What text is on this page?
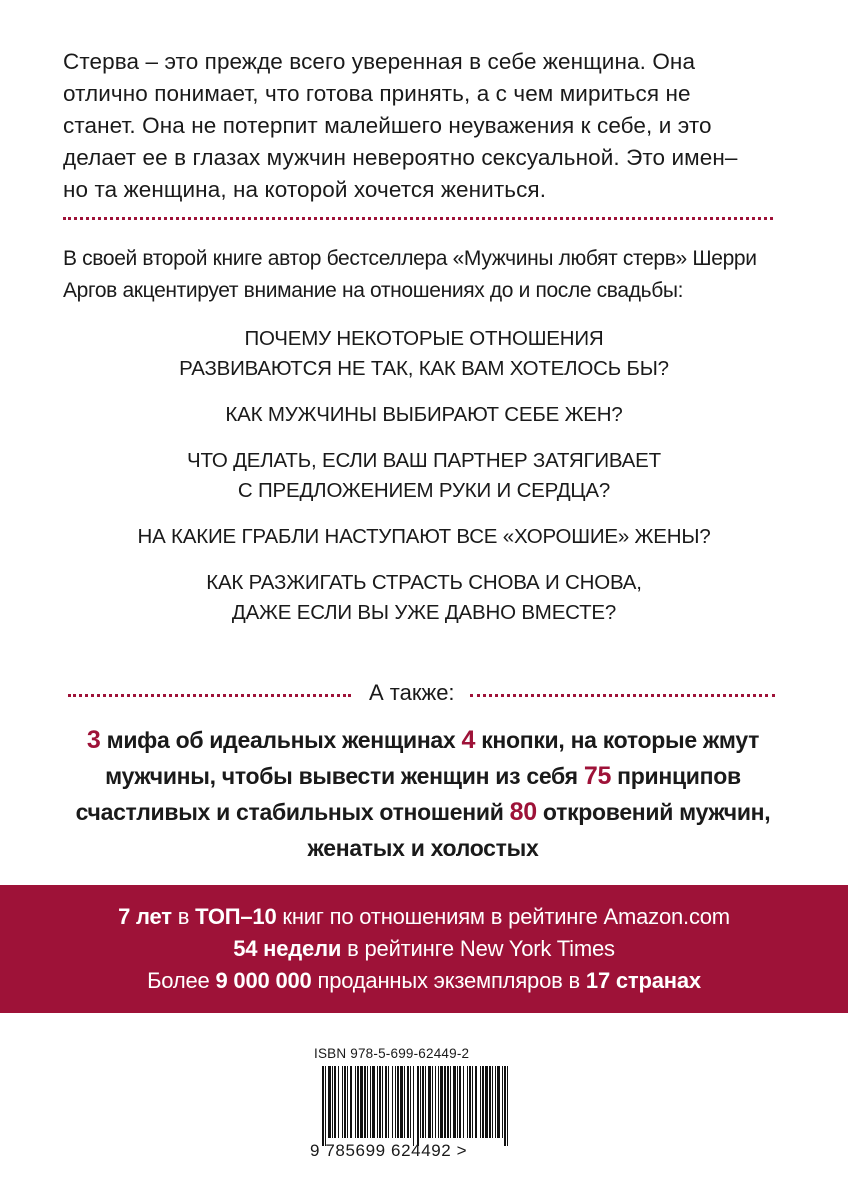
Стерва – это прежде всего уверенная в себе женщина. Она
отлично понимает, что готова принять, а с чем мириться не
станет. Она не потерпит малейшего неуважения к себе, и это
делает ее в глазах мужчин невероятно сексуальной. Это имен–
но та женщина, на которой хочется жениться.
В своей второй книге автор бестселлера «Мужчины любят стерв» Шерри
Аргов акцентирует внимание на отношениях до и после свадьбы:
ПОЧЕМУ НЕКОТОРЫЕ ОТНОШЕНИЯ
РАЗВИВАЮТСЯ НЕ ТАК, КАК ВАМ ХОТЕЛОСЬ БЫ?
КАК МУЖЧИНЫ ВЫБИРАЮТ СЕБЕ ЖЕН?
ЧТО ДЕЛАТЬ, ЕСЛИ ВАШ ПАРТНЕР ЗАТЯГИВАЕТ
С ПРЕДЛОЖЕНИЕМ РУКИ И СЕРДЦА?
НА КАКИЕ ГРАБЛИ НАСТУПАЮТ ВСЕ «ХОРОШИЕ» ЖЕНЫ?
КАК РАЗЖИГАТЬ СТРАСТЬ СНОВА И СНОВА,
ДАЖЕ ЕСЛИ ВЫ УЖЕ ДАВНО ВМЕСТЕ?
А также:
3 мифа об идеальных женщинах 4 кнопки, на которые жмут мужчины, чтобы вывести женщин из себя 75 принципов счастливых и стабильных отношений 80 откровений мужчин, женатых и холостых
7 лет в ТОП–10 книг по отношениям в рейтинге Amazon.com
54 недели в рейтинге New York Times
Более 9 000 000 проданных экземпляров в 17 странах
ISBN 978-5-699-62449-2
9 785699 624492 >
